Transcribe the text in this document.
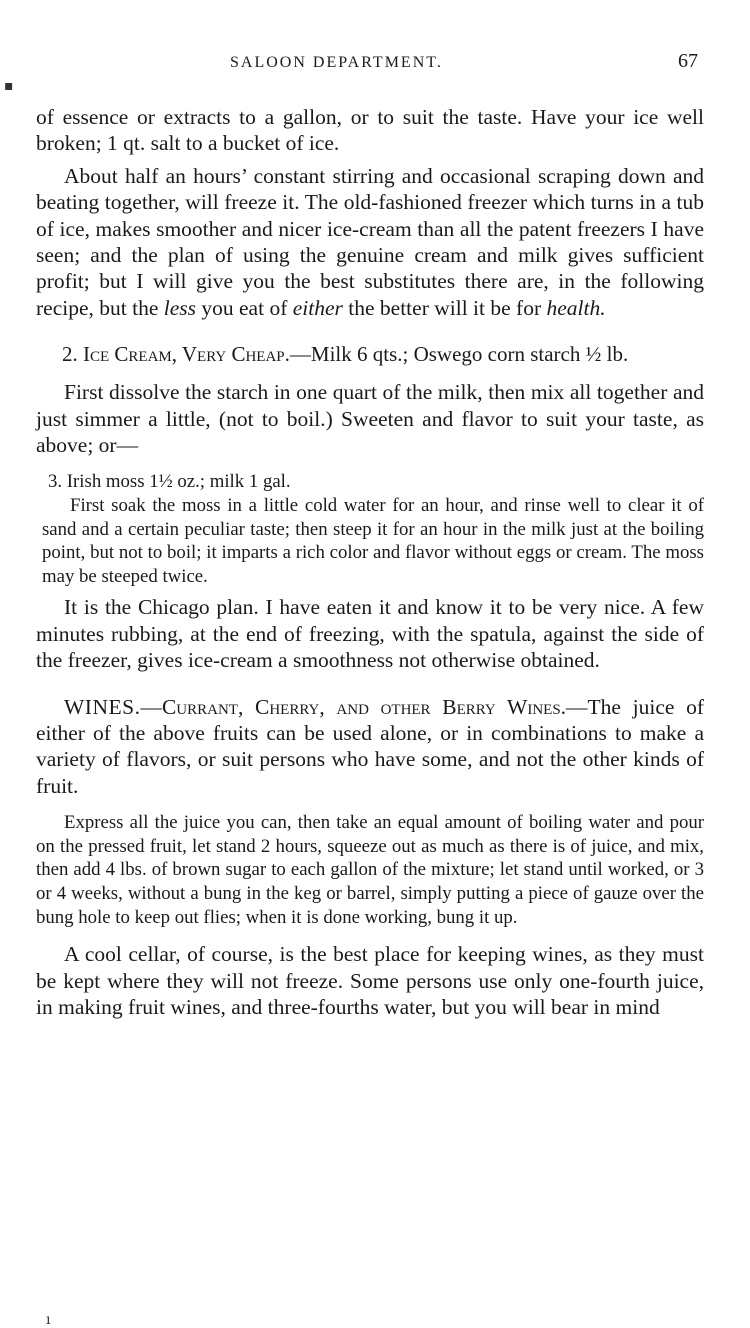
SALOON DEPARTMENT.	67
▪

of essence or extracts to a gallon, or to suit the taste. Have your ice well broken; 1 qt. salt to a bucket of ice.

About half an hours’ constant stirring and occasional scraping down and beating together, will freeze it. The old-fashioned freezer which turns in a tub of ice, makes smoother and nicer ice-cream than all the patent freezers I have seen; and the plan of using the genuine cream and milk gives sufficient profit; but I will give you the best substitutes there are, in the following recipe, but the less you eat of either the better will it be for health.

2. Ice Cream, Very Cheap.—Milk 6 qts.; Oswego corn starch ½ lb.

First dissolve the starch in one quart of the milk, then mix all together and just simmer a little, (not to boil.) Sweeten and flavor to suit your taste, as above; or—

3. Irish moss 1½ oz.; milk 1 gal.

First soak the moss in a little cold water for an hour, and rinse well to clear it of sand and a certain peculiar taste; then steep it for an hour in the milk just at the boiling point, but not to boil; it imparts a rich color and flavor without eggs or cream. The moss may be steeped twice.

It is the Chicago plan. I have eaten it and know it to be very nice. A few minutes rubbing, at the end of freezing, with the spatula, against the side of the freezer, gives ice-cream a smoothness not otherwise obtained.

WINES.—Currant, Cherry, and other Berry Wines.—The juice of either of the above fruits can be used alone, or in combinations to make a variety of flavors, or suit persons who have some, and not the other kinds of fruit.

Express all the juice you can, then take an equal amount of boiling water and pour on the pressed fruit, let stand 2 hours, squeeze out as much as there is of juice, and mix, then add 4 lbs. of brown sugar to each gallon of the mixture; let stand until worked, or 3 or 4 weeks, without a bung in the keg or barrel, simply putting a piece of gauze over the bung hole to keep out flies; when it is done working, bung it up.

A cool cellar, of course, is the best place for keeping wines, as they must be kept where they will not freeze. Some persons use only one-fourth juice, in making fruit wines, and three-fourths water, but you will bear in mind

ı
